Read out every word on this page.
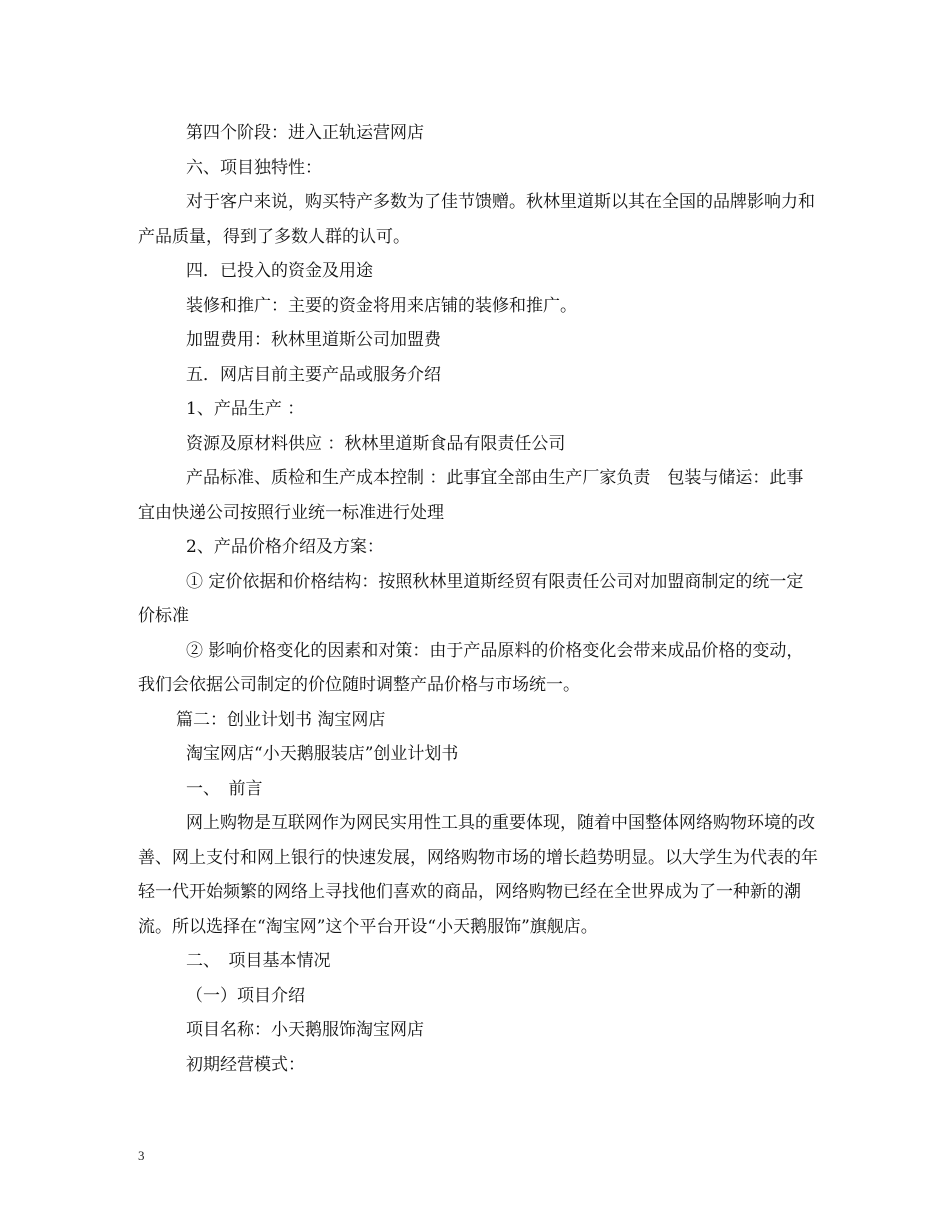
第四个阶段：进入正轨运营网店

六、项目独特性：

对于客户来说，购买特产多数为了佳节馈赠。秋林里道斯以其在全国的品牌影响力和产品质量，得到了多数人群的认可。

四．已投入的资金及用途

装修和推广：主要的资金将用来店铺的装修和推广。

加盟费用：秋林里道斯公司加盟费

五．网店目前主要产品或服务介绍

1、产品生产 ：

资源及原材料供应 ：秋林里道斯食品有限责任公司

产品标准、质检和生产成本控制 ：此事宜全部由生产厂家负责　包装与储运：此事宜由快递公司按照行业统一标准进行处理

2、产品价格介绍及方案：

① 定价依据和价格结构：按照秋林里道斯经贸有限责任公司对加盟商制定的统一定价标准

② 影响价格变化的因素和对策：由于产品原料的价格变化会带来成品价格的变动，我们会依据公司制定的价位随时调整产品价格与市场统一。

篇二：创业计划书 淘宝网店

淘宝网店“小天鹅服装店”创业计划书

一、　前言

网上购物是互联网作为网民实用性工具的重要体现，随着中国整体网络购物环境的改善、网上支付和网上银行的快速发展，网络购物市场的增长趋势明显。以大学生为代表的年轻一代开始频繁的网络上寻找他们喜欢的商品，网络购物已经在全世界成为了一种新的潮流。所以选择在“淘宝网”这个平台开设“小天鹅服饰”旗舰店。

二、　项目基本情况

（一）项目介绍

项目名称：小天鹅服饰淘宝网店

初期经营模式：

3
